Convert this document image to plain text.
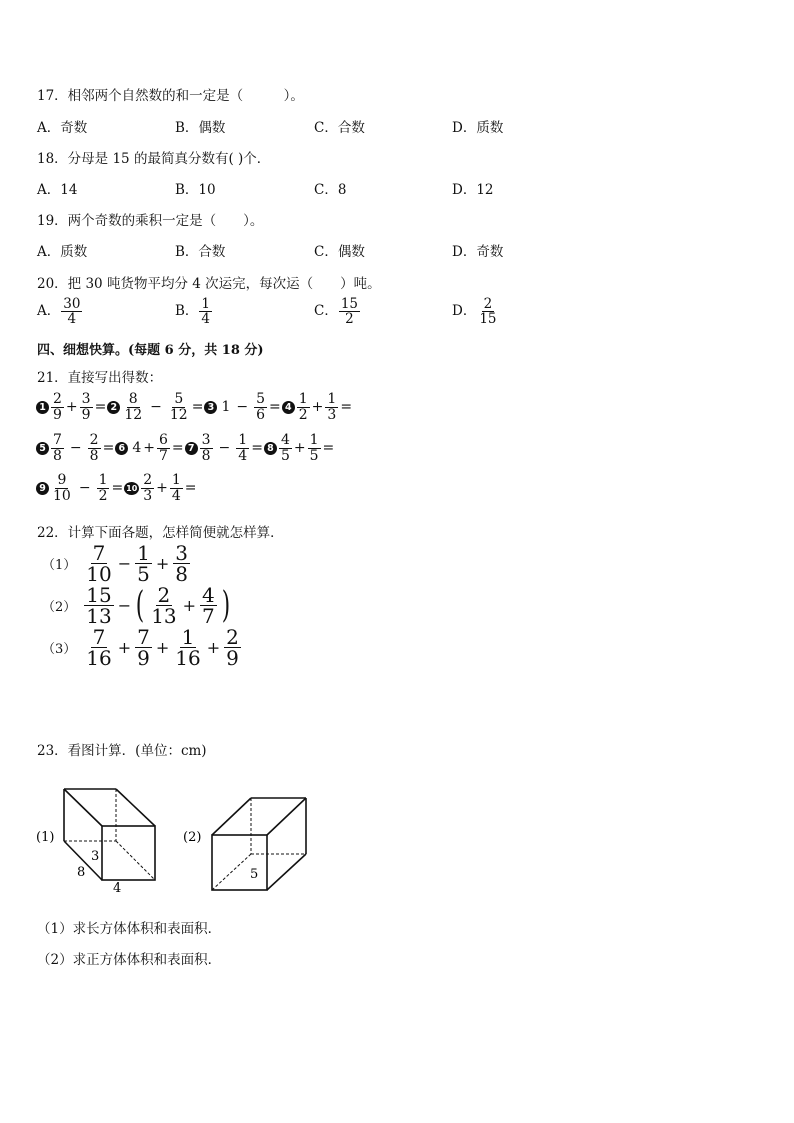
17．相邻两个自然数的和一定是（　　　）。
A．奇数	B．偶数	C．合数	D．质数
18．分母是 15 的最简真分数有( )个．
A．14	B．10	C．8	D．12
19．两个奇数的乘积一定是（　　）。
A．质数	B．合数	C．偶数	D．奇数
20．把 30 吨货物平均分 4 次运完，每次运（　　）吨。
A． $\frac{30}{4}$	B． $\frac{1}{4}$	C． $\frac{15}{2}$	D． $\frac{2}{15}$
四、细想快算。(每题 6 分，共 18 分)
21．直接写出得数：
$1 \frac{2}{9} + \frac{3}{9} = 2 \frac{8}{12} - \frac{5}{12} = 3$ $1 - \frac{5}{6} = 4 \frac{1}{2} + \frac{1}{3}$ =
$5 \frac{7}{8} - \frac{2}{8} = 6$ $4 + \frac{6}{7} = 7 \frac{3}{8} - \frac{1}{4} = 8 \frac{4}{5} + \frac{1}{5}$ =
$9 \frac{9}{10} - \frac{1}{2} = 10 \frac{2}{3} + \frac{1}{4}$ =
22．计算下面各题，怎样简便就怎样算．
$(1) \frac{7}{10} - \frac{1}{5} + \frac{3}{8}$
$(2) \frac{15}{13}$ − ( $\frac{2}{13} + \frac{4}{7}$ )
$(3) \frac{7}{16} + \frac{7}{9} + \frac{1}{16} + \frac{2}{9}$
23．看图计算．(单位：cm)
(1)
3
8
4
(2)
5
（1）求长方体体积和表面积．
（2）求正方体体积和表面积．
